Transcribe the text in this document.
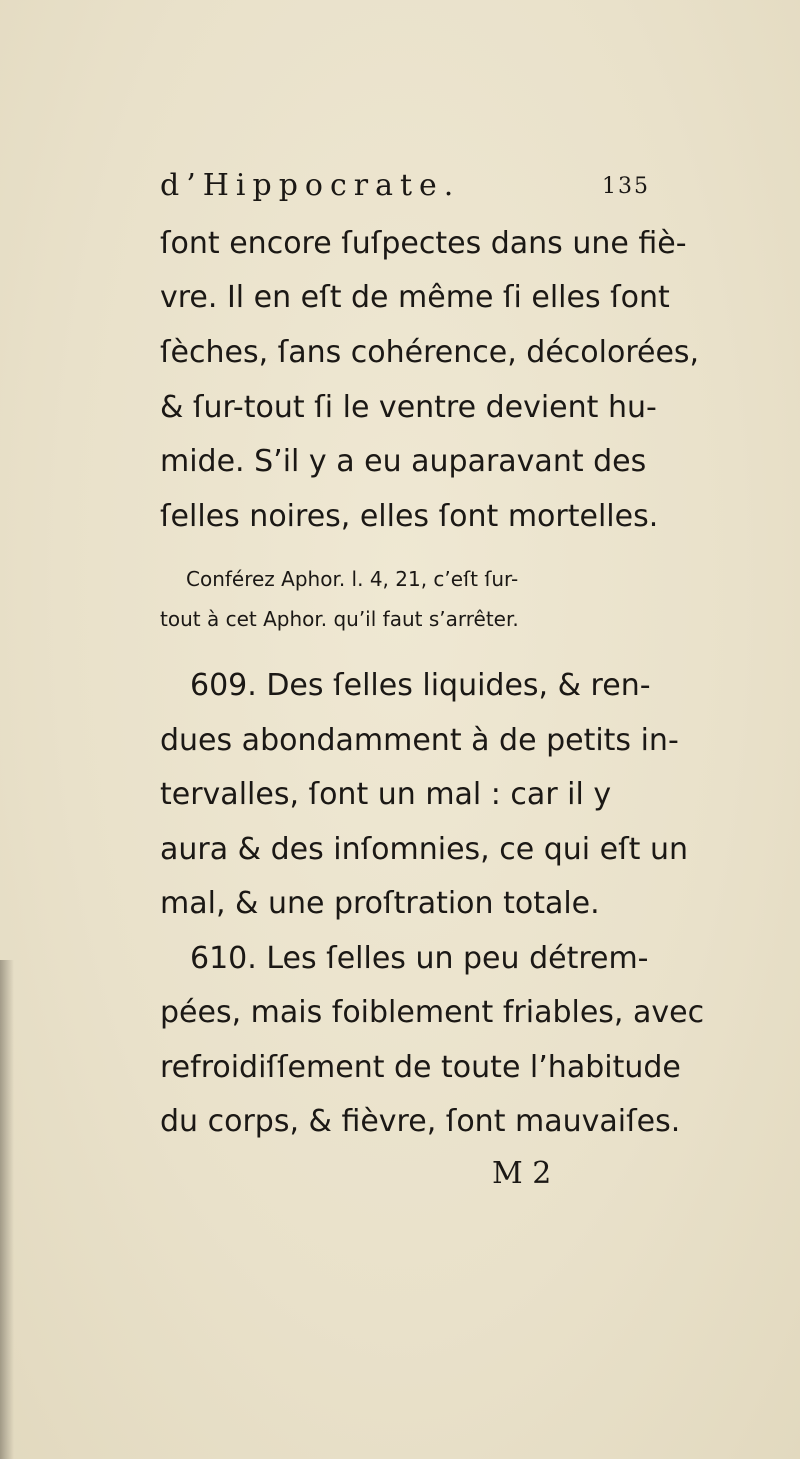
d’Hippocrate.	135
ſont encore ſuſpectes dans une fiè-
vre. Il en eſt de même ſi elles ſont
ſèches, ſans cohérence, décolorées,
& ſur-tout ſi le ventre devient hu-
mide. S’il y a eu auparavant des
ſelles noires, elles ſont mortelles.
Conférez Aphor. l. 4, 21, c’eſt ſur-
tout à cet Aphor. qu’il faut s’arrêter.
609. Des ſelles liquides, & ren-
dues abondamment à de petits in-
tervalles, ſont un mal : car il y
aura & des inſomnies, ce qui eſt un
mal, & une proſtration totale.
610. Les ſelles un peu détrem-
pées, mais foiblement friables, avec
refroidiſſement de toute l’habitude
du corps, & fièvre, ſont mauvaiſes.
M 2
